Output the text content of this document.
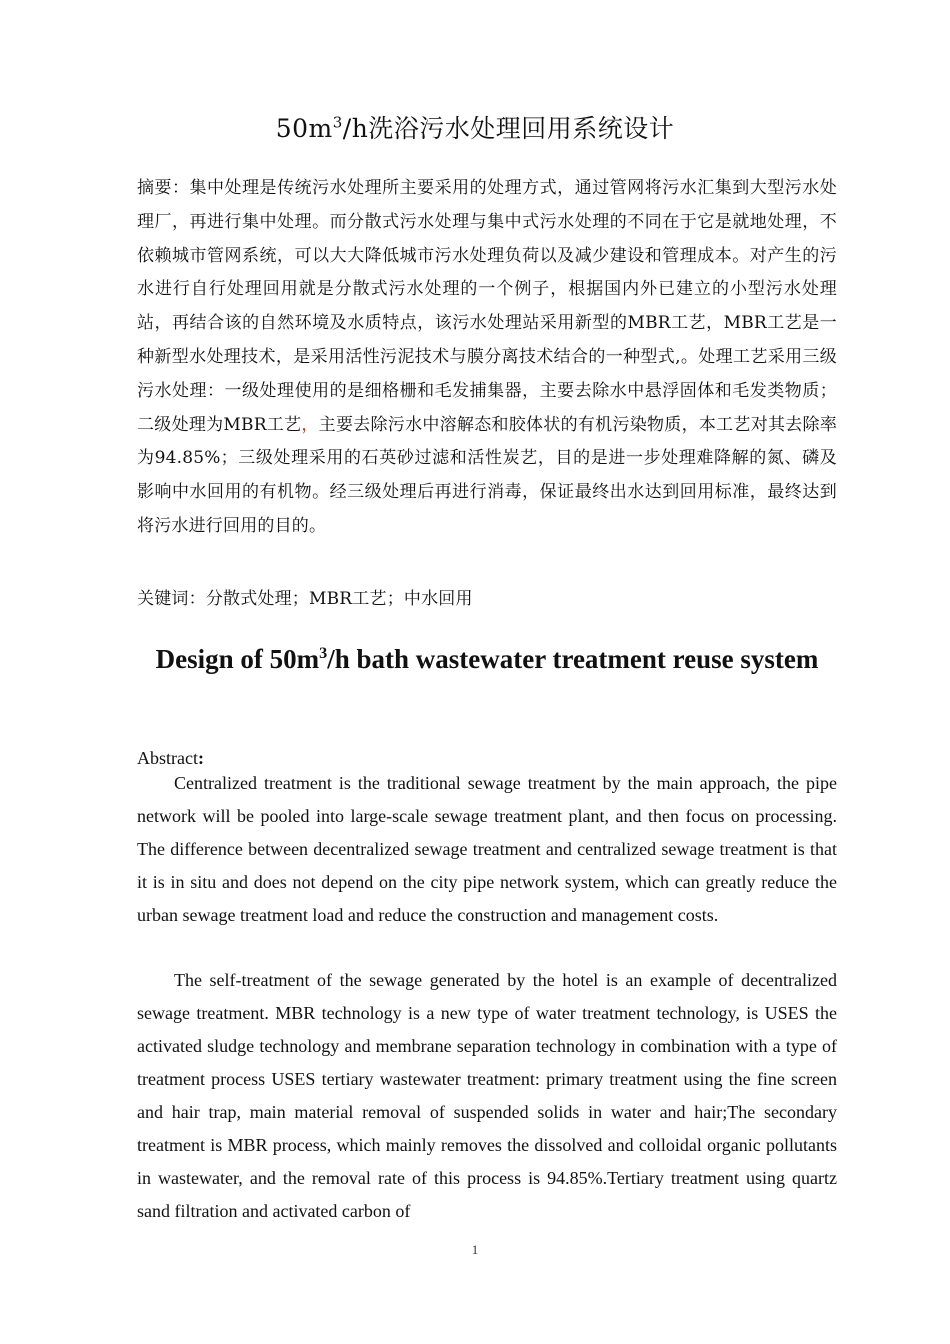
$50m^3/h$洗浴污水处理回用系统设计
摘要：集中处理是传统污水处理所主要采用的处理方式，通过管网将污水汇集到大型污水处理厂，再进行集中处理。而分散式污水处理与集中式污水处理的不同在于它是就地处理，不依赖城市管网系统，可以大大降低城市污水处理负荷以及减少建设和管理成本。对产生的污水进行自行处理回用就是分散式污水处理的一个例子，根据国内外已建立的小型污水处理站，再结合该的自然环境及水质特点，该污水处理站采用新型的MBR工艺，MBR工艺是一种新型水处理技术，是采用活性污泥技术与膜分离技术结合的一种型式,。处理工艺采用三级污水处理：一级处理使用的是细格栅和毛发捕集器，主要去除水中悬浮固体和毛发类物质；二级处理为MBR工艺，主要去除污水中溶解态和胶体状的有机污染物质，本工艺对其去除率为94.85%；三级处理采用的石英砂过滤和活性炭艺，目的是进一步处理难降解的氮、磷及影响中水回用的有机物。经三级处理后再进行消毒，保证最终出水达到回用标准，最终达到将污水进行回用的目的。
关键词：分散式处理；MBR工艺；中水回用
Design of $50m^3/h$ bath wastewater treatment reuse system
Abstract:

Centralized treatment is the traditional sewage treatment by the main approach, the pipe network will be pooled into large-scale sewage treatment plant, and then focus on processing. The difference between decentralized sewage treatment and centralized sewage treatment is that it is in situ and does not depend on the city pipe network system, which can greatly reduce the urban sewage treatment load and reduce the construction and management costs.

The self-treatment of the sewage generated by the hotel is an example of decentralized sewage treatment. MBR technology is a new type of water treatment technology, is USES the activated sludge technology and membrane separation technology in combination with a type of treatment process USES tertiary wastewater treatment: primary treatment using the fine screen and hair trap, main material removal of suspended solids in water and hair;The secondary treatment is MBR process, which mainly removes the dissolved and colloidal organic pollutants in wastewater, and the removal rate of this process is 94.85%.Tertiary treatment using quartz sand filtration and activated carbon of

1
